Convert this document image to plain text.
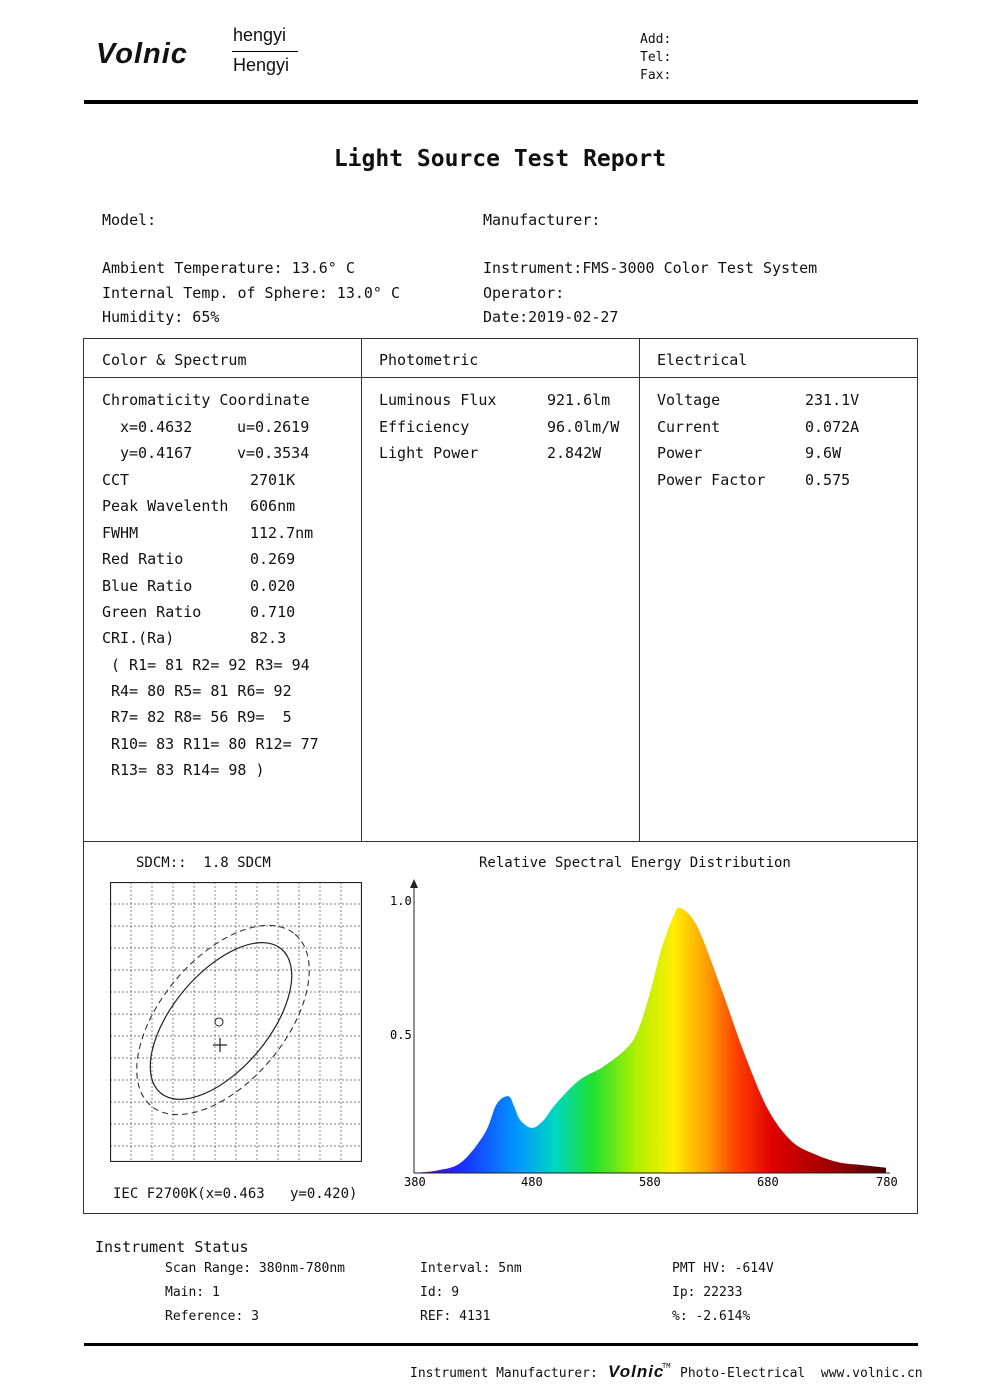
Volnic
hengyi
Hengyi
Add:
Tel:
Fax:
Light Source Test Report
Model:	Manufacturer:
Ambient Temperature: 13.6° C	Instrument:FMS-3000 Color Test System
Internal Temp. of Sphere: 13.0° C	Operator:
Humidity: 65%	Date:2019-02-27
Color & Spectrum	Photometric	Electrical
Chromaticity Coordinate
x=0.4632	u=0.2619
y=0.4167	v=0.3534
CCT	2701K
Peak Wavelenth 606nm
FWHM	112.7nm
Red Ratio	0.269
Blue Ratio	0.020
Green Ratio	0.710
CRI.(Ra)	82.3
( R1= 81 R2= 92 R3= 94
R4= 80 R5= 81 R6= 92
R7= 82 R8= 56 R9=  5
R10= 83 R11= 80 R12= 77
R13= 83 R14= 98 )
Luminous Flux	921.6lm
Efficiency	96.0lm/W
Light Power	2.842W
Voltage	231.1V
Current	0.072A
Power	9.6W
Power Factor	0.575
SDCM::  1.8 SDCM
IEC F2700K(x=0.463   y=0.420)
Relative Spectral Energy Distribution
1.0
0.5
380	480	580	680	780
Instrument Status
Scan Range: 380nm-780nm	Interval: 5nm	PMT HV: -614V
Main: 1	Id: 9	Ip: 22233
Reference: 3	REF: 4131	%: -2.614%
Instrument Manufacturer: Volnic
TM Photo-Electrical  www.volnic.cn
